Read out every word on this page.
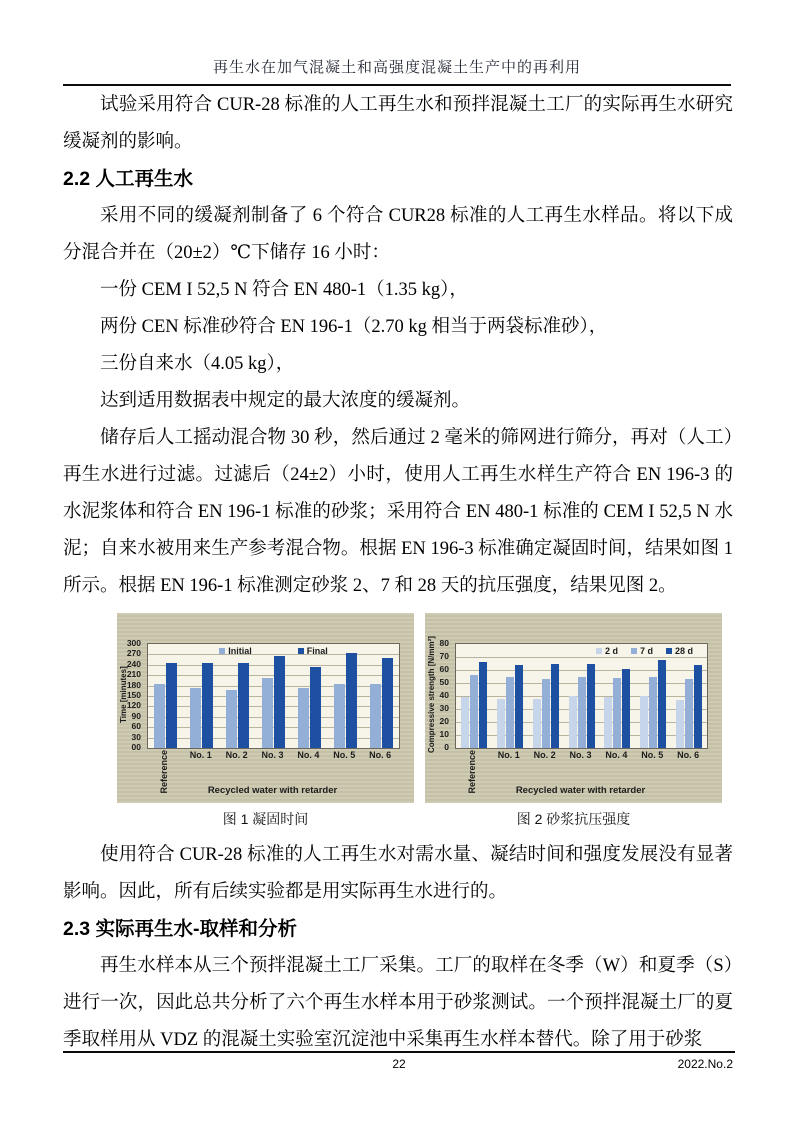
再生水在加气混凝土和高强度混凝土生产中的再利用

试验采用符合 CUR-28 标准的人工再生水和预拌混凝土工厂的实际再生水研究缓凝剂的影响。

2.2 人工再生水

采用不同的缓凝剂制备了 6 个符合 CUR28 标准的人工再生水样品。将以下成分混合并在（20±2）℃下储存 16 小时：

一份 CEM I 52,5 N 符合 EN 480-1（1.35 kg），

两份 CEN 标准砂符合 EN 196-1（2.70 kg 相当于两袋标准砂），

三份自来水（4.05 kg），

达到适用数据表中规定的最大浓度的缓凝剂。

储存后人工摇动混合物 30 秒，然后通过 2 毫米的筛网进行筛分，再对（人工）再生水进行过滤。过滤后（24±2）小时，使用人工再生水样生产符合 EN 196-3 的水泥浆体和符合 EN 196-1 标准的砂浆；采用符合 EN 480-1 标准的 CEM I 52,5 N 水泥；自来水被用来生产参考混合物。根据 EN 196-3 标准确定凝固时间，结果如图 1 所示。根据 EN 196-1 标准测定砂浆 2、7 和 28 天的抗压强度，结果见图 2。

Time [minutes]
300
270
240
210
180
150
120
90
60
30
00
Initial	Final
Reference	No. 1	No. 2	No. 3	No. 4	No. 5	No. 6
Recycled water with retarder
Compressive strength [N/mm²] 80
70
60
50
40
30
20
10
0
2 d 7 d 28 d
Reference	No. 1	No. 2	No. 3	No. 4	No. 5	No. 6
Recycled water with retarder
图 1 凝固时间	图 2 砂浆抗压强度

使用符合 CUR-28 标准的人工再生水对需水量、凝结时间和强度发展没有显著影响。因此，所有后续实验都是用实际再生水进行的。

2.3 实际再生水-取样和分析

再生水样本从三个预拌混凝土工厂采集。工厂的取样在冬季（W）和夏季（S）进行一次，因此总共分析了六个再生水样本用于砂浆测试。一个预拌混凝土厂的夏季取样用从 VDZ 的混凝土实验室沉淀池中采集再生水样本替代。除了用于砂浆

22	2022.No.2
